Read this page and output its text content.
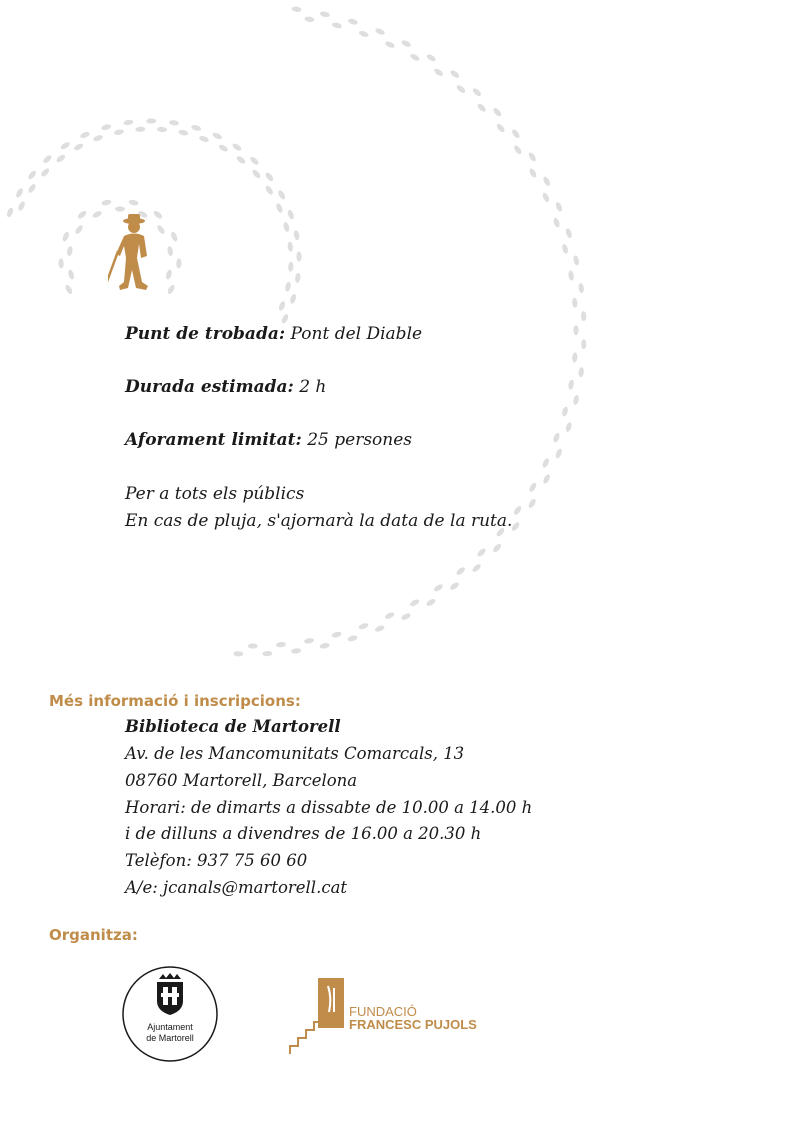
Punt de trobada: Pont del Diable
Durada estimada: 2 h
Aforament limitat: 25 persones
Per a tots els públics
En cas de pluja, s'ajornarà la data de la ruta.
Més informació i inscripcions:
Biblioteca de Martorell
Av. de les Mancomunitats Comarcals, 13
08760 Martorell, Barcelona
Horari: de dimarts a dissabte de 10.00 a 14.00 h
i de dilluns a divendres de 16.00 a 20.30 h
Telèfon: 937 75 60 60
A/e: jcanals@martorell.cat
Organitza:
Ajuntament
de Martorell
FUNDACIÓ
FRANCESC PUJOLS
